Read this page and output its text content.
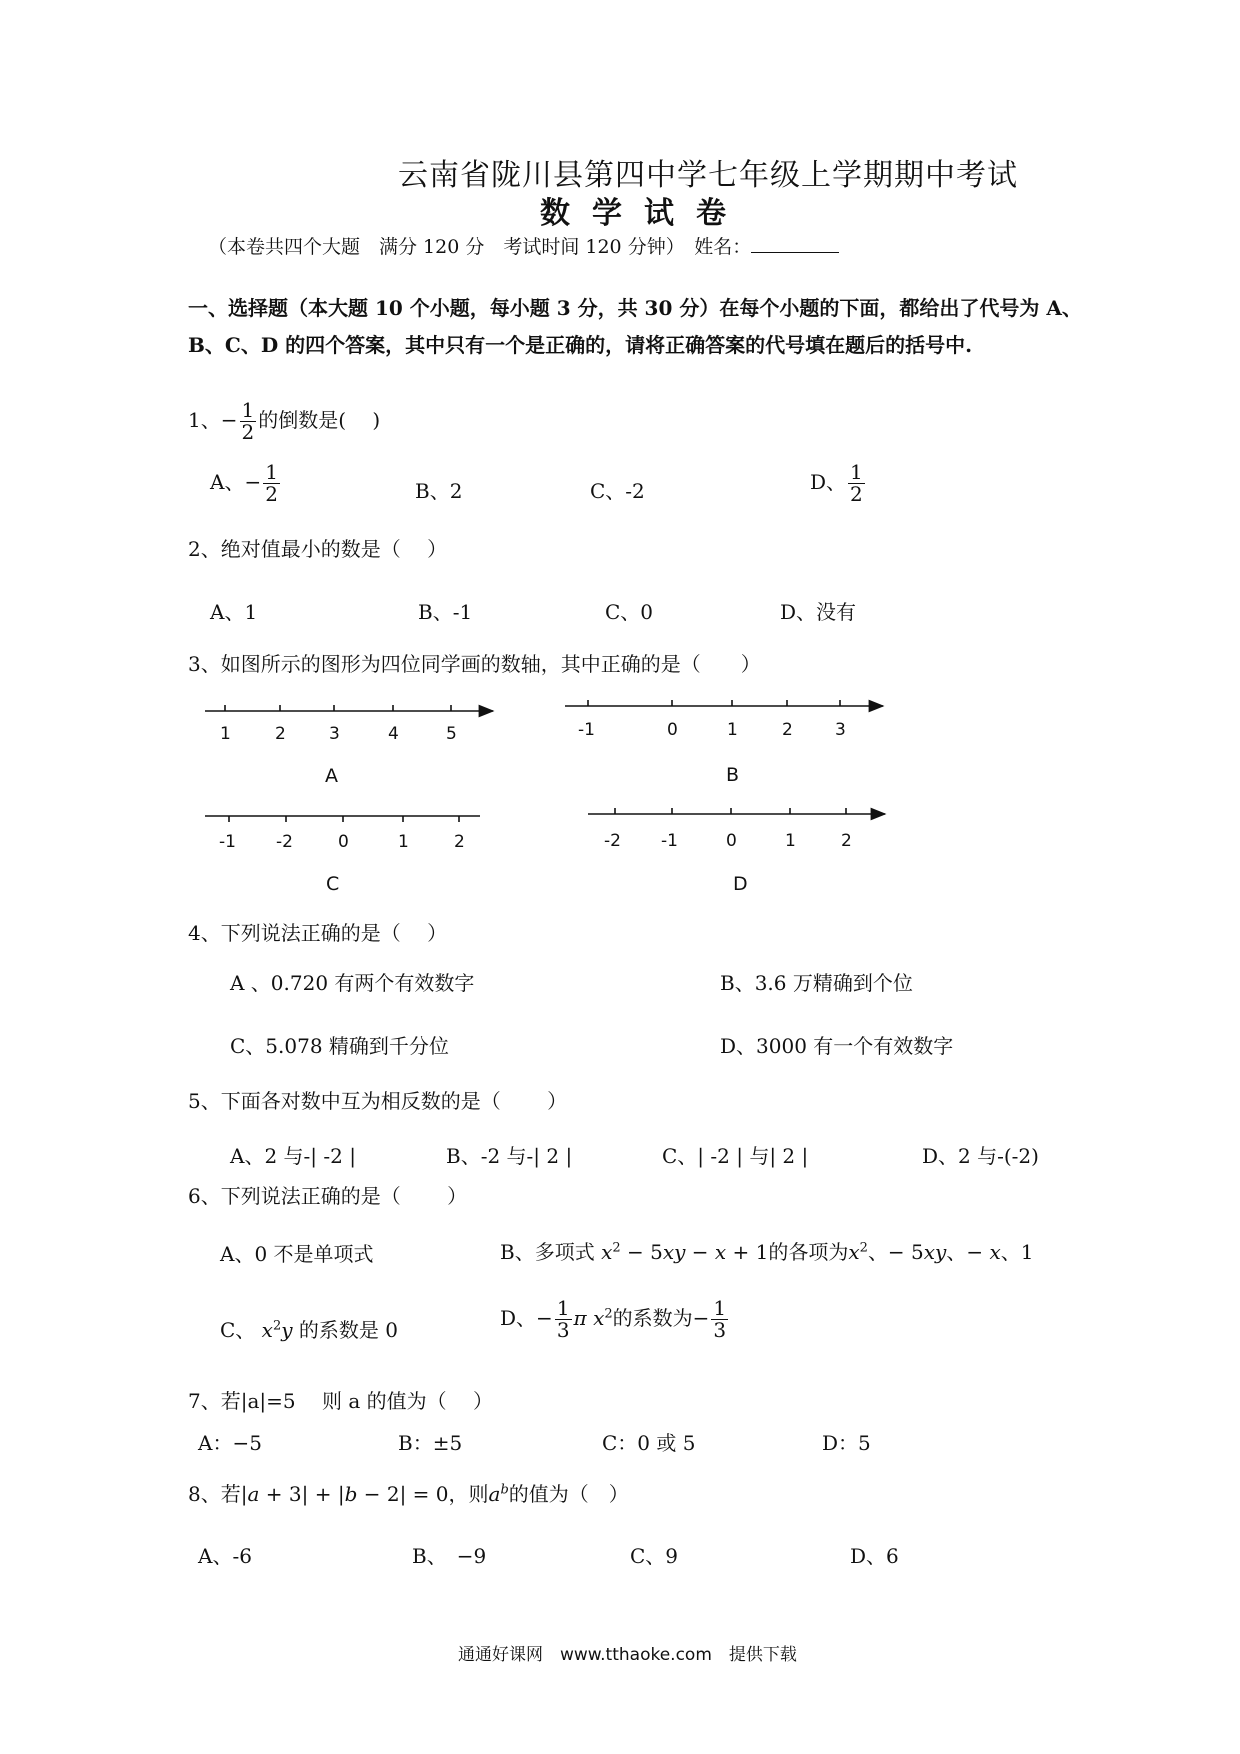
云南省陇川县第四中学七年级上学期期中考试
数学试卷
（本卷共四个大题　满分 120 分　考试时间 120 分钟）　姓名：
一、选择题（本大题 10 个小题，每小题 3 分，共 30 分）在每个小题的下面，都给出了代号为 A、B、C、D 的四个答案，其中只有一个是正确的，请将正确答案的代号填在题后的括号中.
1、− $\frac{1}{2}$ 的倒数是(　 )
A、− $\frac{1}{2}$	B、2	C、-2	D、 $\frac{1}{2}$
2、绝对值最小的数是（　 ）
A、1	B、-1	C、0	D、没有
3、如图所示的图形为四位同学画的数轴，其中正确的是（　　）
1	2	3	4	5
A
-1	0	1	2 3
B
-1 -2	0	1	2
C
-2 -1	0	1	2
D
4、下列说法正确的是（　 ）
A 、0.720 有两个有效数字	B、3.6 万精确到个位
C、5.078 精确到千分位	D、3000 有一个有效数字
5、下面各对数中互为相反数的是（　　 ）
A、2 与-| -2 |	B、-2 与-| 2 |	C、| -2 | 与| 2 |	D、2 与-(-2)
6、下列说法正确的是（　　 ）
A、0 不是单项式	B、多项式 $x^2 - 5xy - x + 1$的各项为$x^2$、− 5xy、− x、1
C、 $x^2y$ 的系数是 0	D、− $\frac{1}{3}$ π $x^2$的系数为− $\frac{1}{3}$
7、若|a|=5　 则 a 的值为（　 ）
A：−5	B：±5	C：0 或 5	D：5
8、若|a + 3| + |b − 2| = 0，则$a^b$的值为（　）
A、-6	B、　−9	C、9	D、6
通通好课网　www.tthaoke.com　提供下载
